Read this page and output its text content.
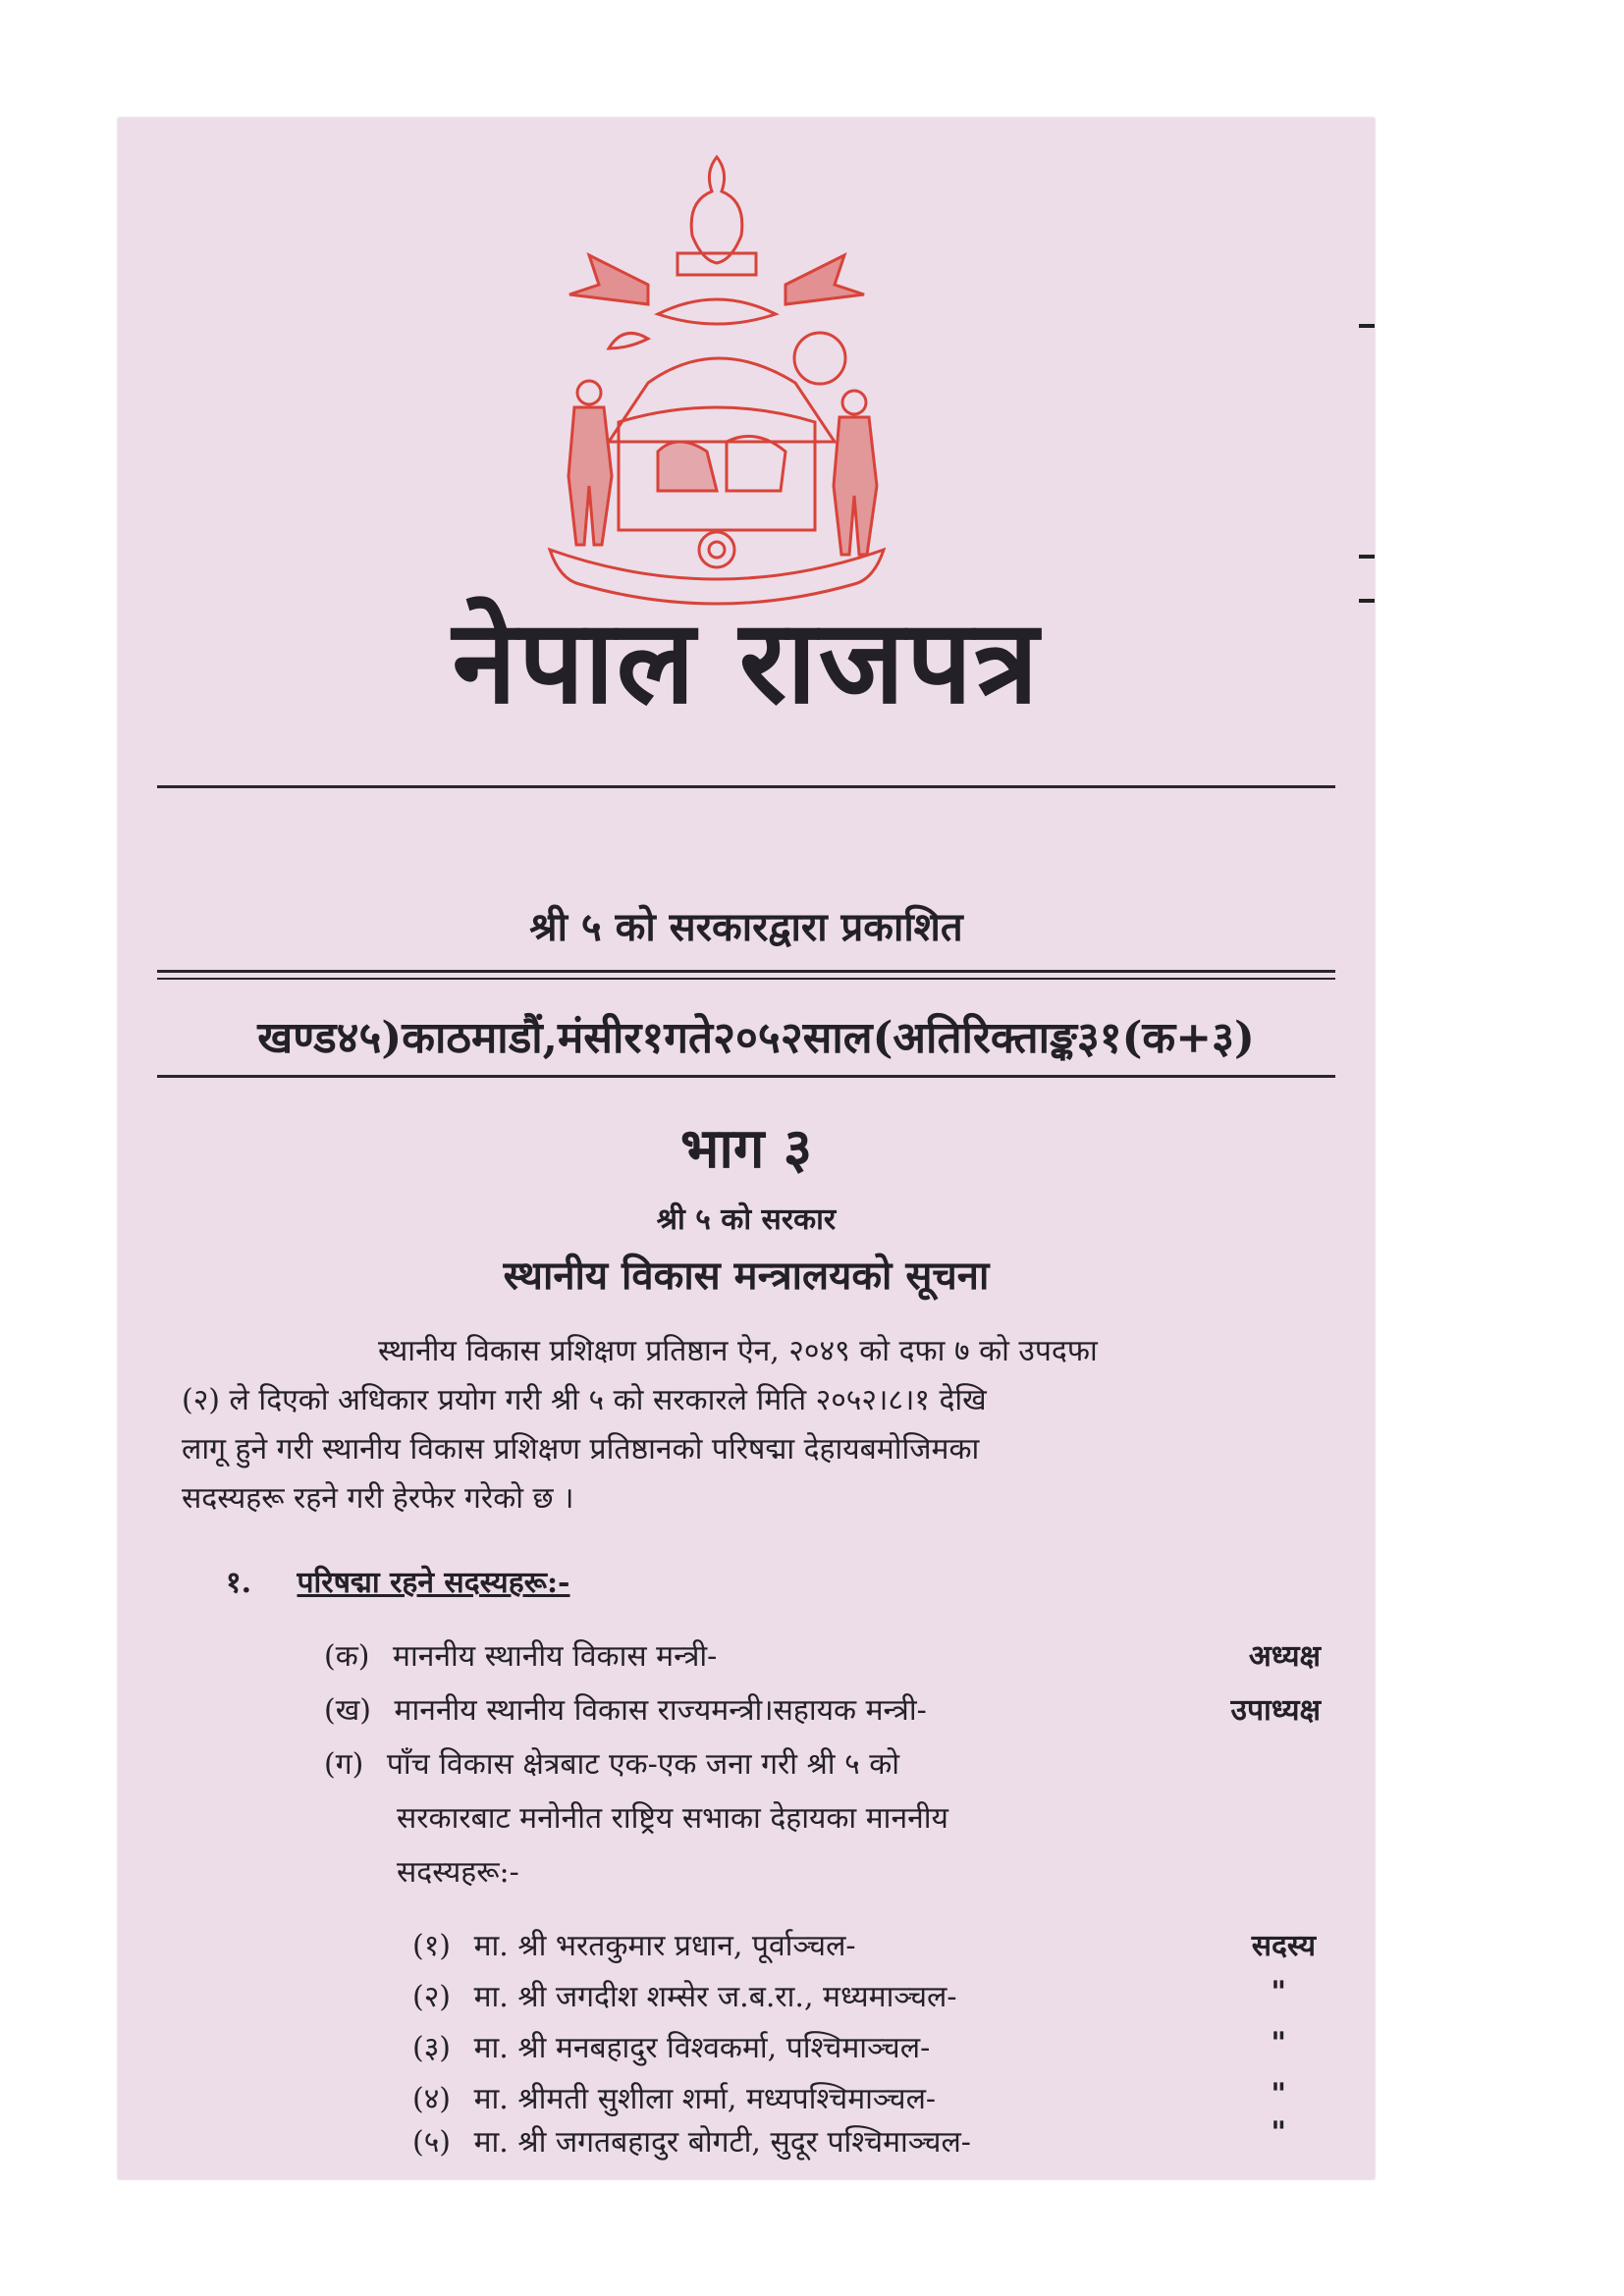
नेपाल राजपत्र
श्री ५ को सरकारद्वारा प्रकाशित
खण्ड४५)काठमाडौं,मंसीर१गते२०५२साल(अतिरिक्ताङ्क३१(क+३)
भाग ३
श्री ५ को सरकार
स्थानीय विकास मन्त्रालयको सूचना
स्थानीय विकास प्रशिक्षण प्रतिष्ठान ऐन, २०४९ को दफा ७ को उपदफा
(२) ले दिएको अधिकार प्रयोग गरी श्री ५ को सरकारले मिति २०५२।८।१ देखि
लागू हुने गरी स्थानीय विकास प्रशिक्षण प्रतिष्ठानको परिषद्मा देहायबमोजिमका
सदस्यहरू रहने गरी हेरफेर गरेको छ ।
१. परिषद्मा रहने सदस्यहरू:-
(क) माननीय स्थानीय विकास मन्त्री-	अध्यक्ष
(ख) माननीय स्थानीय विकास राज्यमन्त्री।सहायक मन्त्री-	उपाध्यक्ष
(ग) पाँच विकास क्षेत्रबाट एक-एक जना गरी श्री ५ को
सरकारबाट मनोनीत राष्ट्रिय सभाका देहायका माननीय
सदस्यहरू:-
(१) मा. श्री भरतकुमार प्रधान, पूर्वाञ्चल-	सदस्य
(२) मा. श्री जगदीश शम्सेर ज.ब.रा., मध्यमाञ्चल-	"
(३) मा. श्री मनबहादुर विश्वकर्मा, पश्चिमाञ्चल-	"
(४) मा. श्रीमती सुशीला शर्मा, मध्यपश्चिमाञ्चल-	"
(५) मा. श्री जगतबहादुर बोगटी, सुदूर पश्चिमाञ्चल-	"
